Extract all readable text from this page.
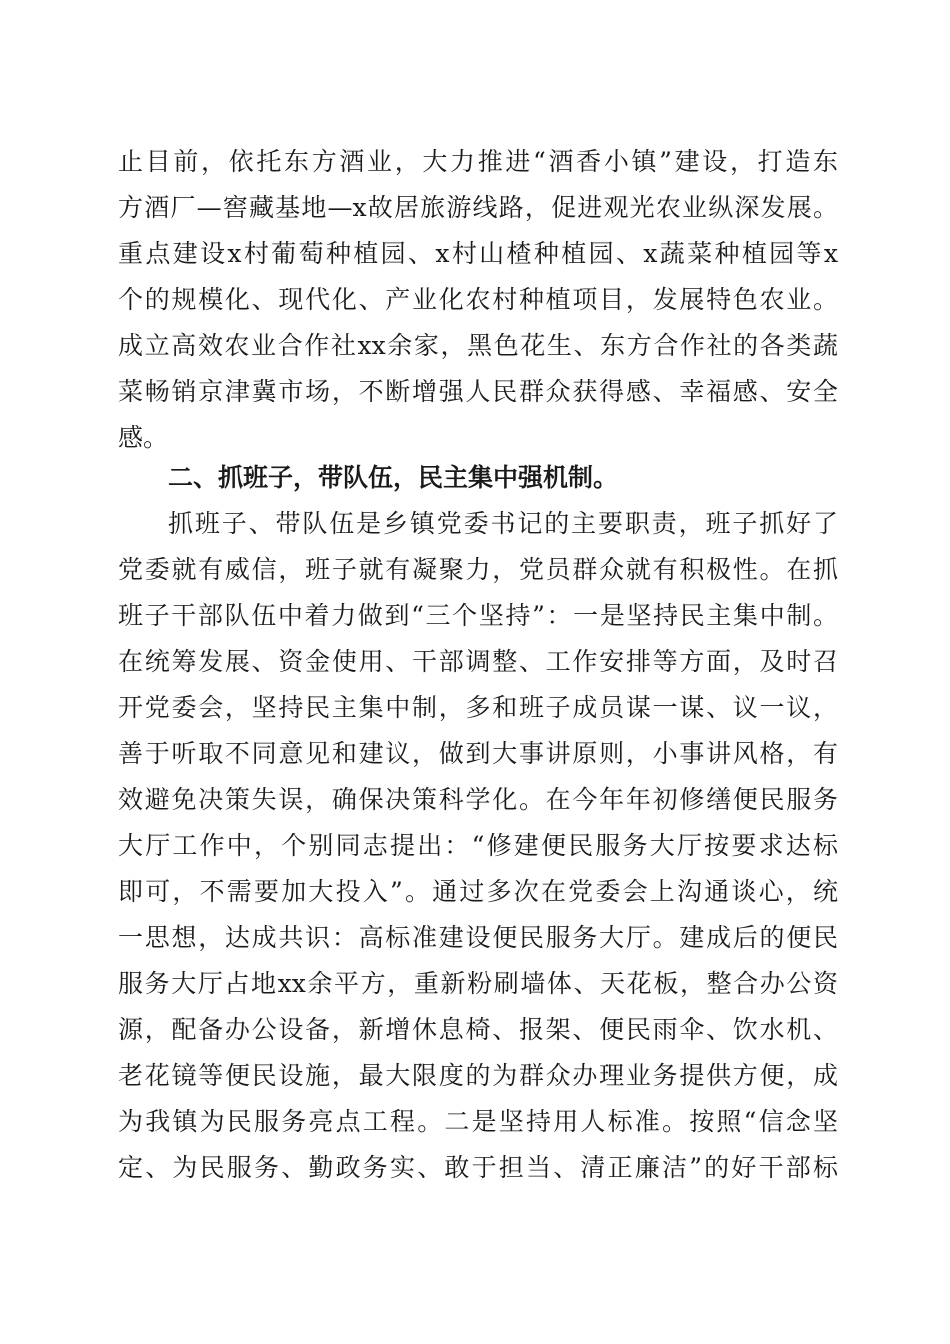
止目前，依托东方酒业，大力推进“酒香小镇”建设，打造东
方酒厂—窖藏基地—x故居旅游线路，促进观光农业纵深发展。
重点建设x村葡萄种植园、x村山楂种植园、x蔬菜种植园等x
个的规模化、现代化、产业化农村种植项目，发展特色农业。
成立高效农业合作社xx余家，黑色花生、东方合作社的各类蔬
菜畅销京津冀市场，不断增强人民群众获得感、幸福感、安全
感。
二、抓班子，带队伍，民主集中强机制。
抓班子、带队伍是乡镇党委书记的主要职责，班子抓好了
党委就有威信，班子就有凝聚力，党员群众就有积极性。在抓
班子干部队伍中着力做到“三个坚持”：一是坚持民主集中制。
在统筹发展、资金使用、干部调整、工作安排等方面，及时召
开党委会，坚持民主集中制，多和班子成员谋一谋、议一议，
善于听取不同意见和建议，做到大事讲原则，小事讲风格，有
效避免决策失误，确保决策科学化。在今年年初修缮便民服务
大厅工作中，个别同志提出：“修建便民服务大厅按要求达标
即可，不需要加大投入”。通过多次在党委会上沟通谈心，统
一思想，达成共识：高标准建设便民服务大厅。建成后的便民
服务大厅占地xx余平方，重新粉刷墙体、天花板，整合办公资
源，配备办公设备，新增休息椅、报架、便民雨伞、饮水机、
老花镜等便民设施，最大限度的为群众办理业务提供方便，成
为我镇为民服务亮点工程。二是坚持用人标准。按照“信念坚
定、为民服务、勤政务实、敢于担当、清正廉洁”的好干部标
